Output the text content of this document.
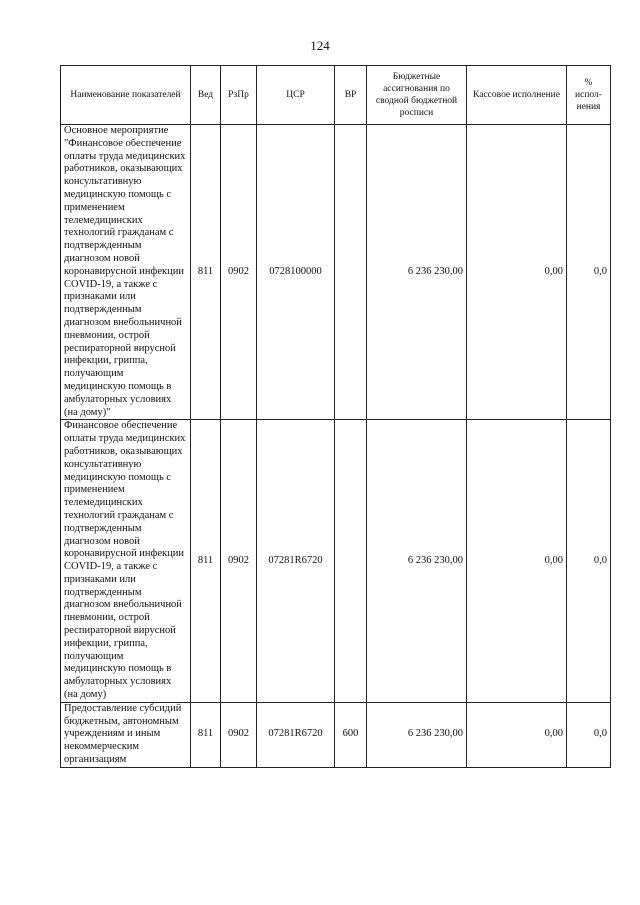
124
Наименование показателей	Вед	РзПр	ЦСР	ВР	Бюджетные ассигнования по сводной бюджетной росписи	Кассовое исполнение	% испол-нения
Основное мероприятие "Финансовое обеспечение оплаты труда медицинских работников, оказывающих консультативную медицинскую помощь с применением телемедицинских технологий гражданам с подтвержденным диагнозом новой коронавирусной инфекции COVID-19, а также с признаками или подтвержденным диагнозом внебольничной пневмонии, острой респираторной вирусной инфекции, гриппа, получающим медицинскую помощь в амбулаторных условиях (на дому)"	811	0902	0728100000		6 236 230,00	0,00	0,0
Финансовое обеспечение оплаты труда медицинских работников, оказывающих консультативную медицинскую помощь с применением телемедицинских технологий гражданам с подтвержденным диагнозом новой коронавирусной инфекции COVID-19, а также с признаками или подтвержденным диагнозом внебольничной пневмонии, острой респираторной вирусной инфекции, гриппа, получающим медицинскую помощь в амбулаторных условиях (на дому)	811	0902	07281R6720		6 236 230,00	0,00	0,0
Предоставление субсидий бюджетным, автономным учреждениям и иным некоммерческим организациям	811	0902	07281R6720	600	6 236 230,00	0,00	0,0
